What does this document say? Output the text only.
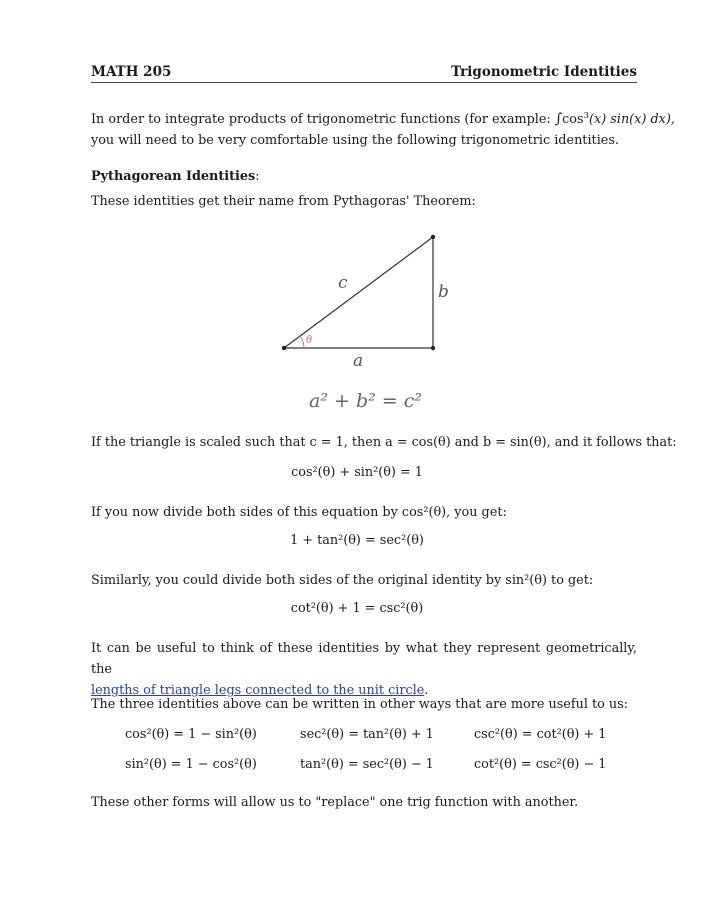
MATH 205	Trigonometric Identities
In order to integrate products of trigonometric functions (for example: $\int\cos^3(x)$ sin(x) dx),
you will need to be very comfortable using the following trigonometric identities.
Pythagorean Identities:
These identities get their name from Pythagoras' Theorem:
θ
c	b
a
a² + b² = c²
If the triangle is scaled such that c = 1, then a = cos(θ) and b = sin(θ), and it follows that:
cos²(θ) + sin²(θ) = 1
If you now divide both sides of this equation by cos²(θ), you get:
1 + tan²(θ) = sec²(θ)
Similarly, you could divide both sides of the original identity by sin²(θ) to get:
cot²(θ) + 1 = csc²(θ)
It can be useful to think of these identities by what they represent geometrically, the
lengths of triangle legs connected to the unit circle.
The three identities above can be written in other ways that are more useful to us:
cos²(θ) = 1 − sin²(θ)	sec²(θ) = tan²(θ) + 1	csc²(θ) = cot²(θ) + 1
sin²(θ) = 1 − cos²(θ)	tan²(θ) = sec²(θ) − 1	cot²(θ) = csc²(θ) − 1
These other forms will allow us to "replace" one trig function with another.
